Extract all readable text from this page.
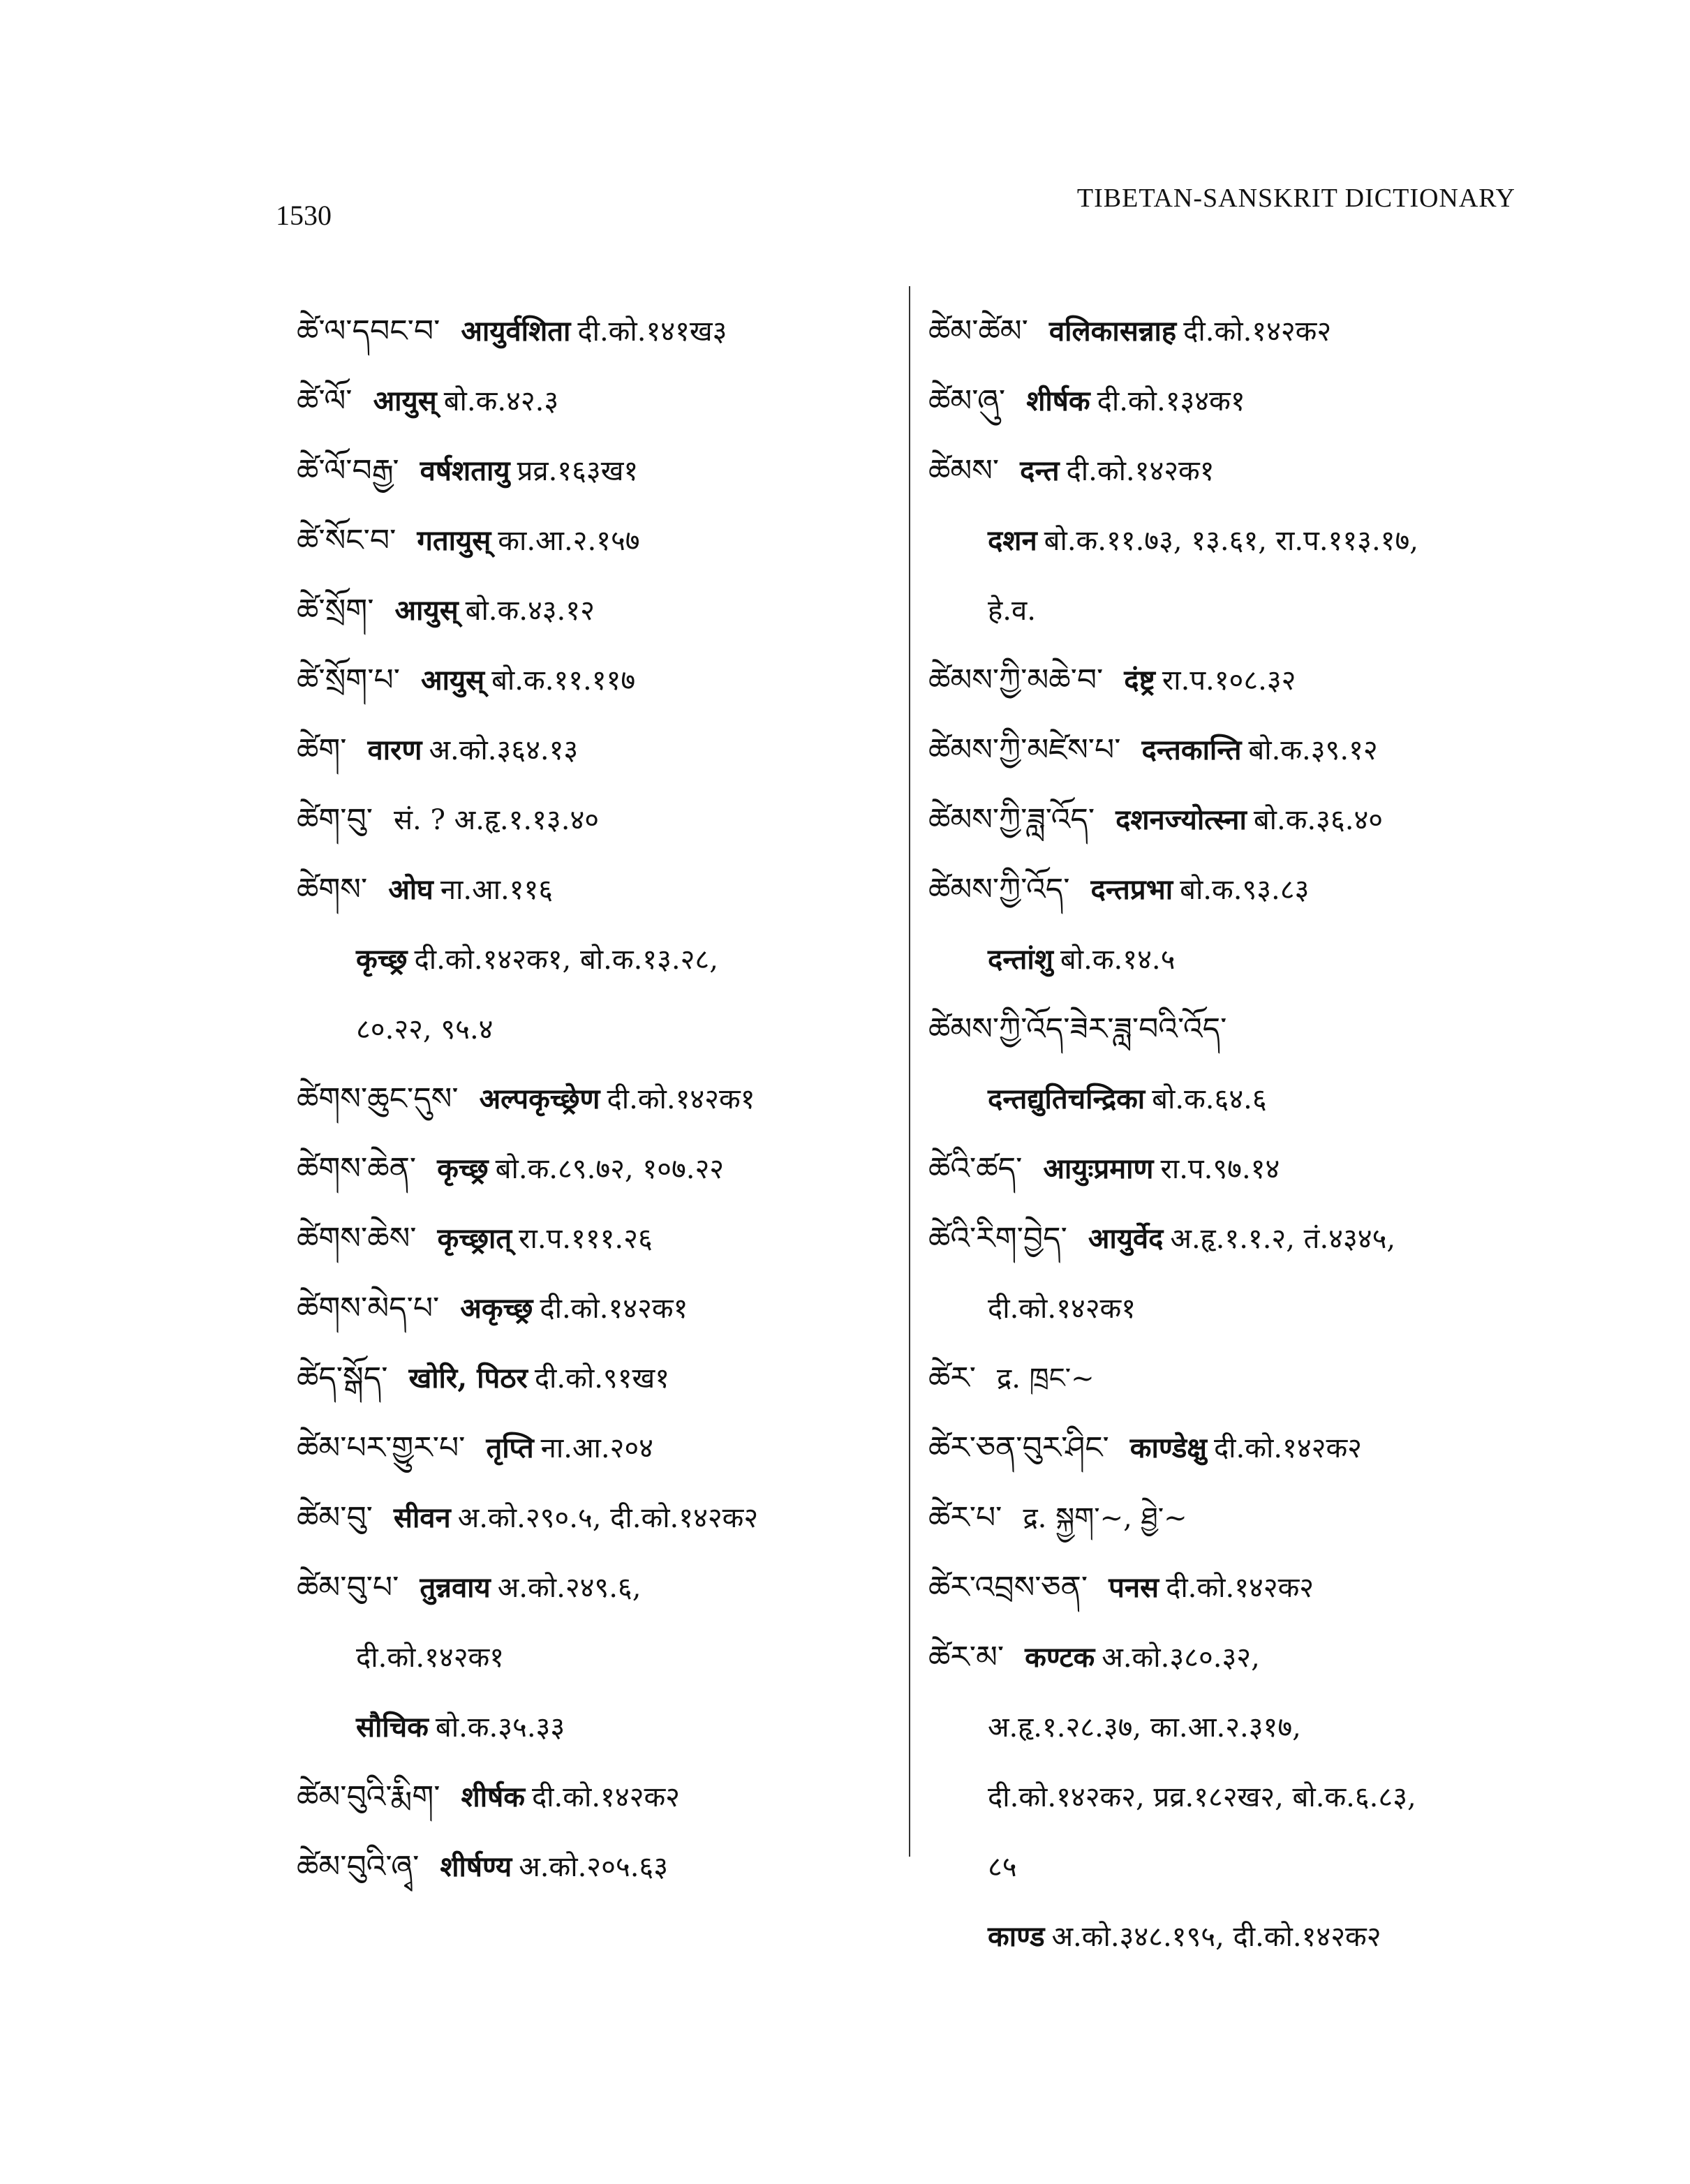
1530
TIBETAN-SANSKRIT DICTIONARY
ཚེ་ལ་དབང་བ་ आयुर्वशिता दी.को.१४१ख३
ཚེ་ལོ་ आयुस् बो.क.४२.३
ཚེ་ལོ་བརྒྱ་ वर्षशतायु प्रव्र.१६३ख१
ཚེ་སོང་བ་ गतायुस् का.आ.२.१५७
ཚེ་སྲོག་ आयुस् बो.क.४३.१२
ཚེ་སྲོག་པ་ आयुस् बो.क.११.११७
ཚེག་ वारण अ.को.३६४.१३
ཚེག་བུ་ सं. ? अ.हृ.१.१३.४०
ཚེགས་ ओघ ना.आ.११६
कृच्छ्र दी.को.१४२क१, बो.क.१३.२८,
८०.२२, ९५.४
ཚེགས་ཆུང་དུས་ अल्पकृच्छ्रेण दी.को.१४२क१
ཚེགས་ཆེན་ कृच्छ्र बो.क.८९.७२, १०७.२२
ཚེགས་ཆེས་ कृच्छ्रात् रा.प.१११.२६
ཚེགས་མེད་པ་ अकृच्छ्र दी.को.१४२क१
ཚེད་སྒོད་ खोरि, पिठर दी.को.९१ख१
ཚེམ་པར་གྱུར་པ་ तृप्ति ना.आ.२०४
ཚེམ་བུ་ सीवन अ.को.२९०.५, दी.को.१४२क२
ཚེམ་བུ་པ་ तुन्नवाय अ.को.२४९.६,
दी.को.१४२क१
सौचिक बो.क.३५.३३
ཚེམ་བུའི་རྨིག་ शीर्षक दी.को.१४२क२
ཚེམ་བུའི་ཞྭ་ शीर्षण्य अ.को.२०५.६३
ཚེམ་ཚེམ་ वलिकासन्नाह दी.को.१४२क२
ཚེམ་ཞུ་ शीर्षक दी.को.१३४क१
ཚེམས་ दन्त दी.को.१४२क१
दशन बो.क.११.७३, १३.६१, रा.प.११३.१७,
हे.व.
ཚེམས་ཀྱི་མཆེ་བ་ दंष्ट्र रा.प.१०८.३२
ཚེམས་ཀྱི་མཛེས་པ་ दन्तकान्ति बो.क.३९.१२
ཚེམས་ཀྱི་ཟླ་འོད་ दशनज्योत्स्ना बो.क.३६.४०
ཚེམས་ཀྱི་འོད་ दन्तप्रभा बो.क.९३.८३
दन्तांशु बो.क.१४.५
ཚེམས་ཀྱི་འོད་ཟེར་ཟླ་བའི་འོད་
दन्तद्युतिचन्द्रिका बो.क.६४.६
ཚེའི་ཚད་ आयुःप्रमाण रा.प.९७.१४
ཚེའི་རིག་བྱེད་ आयुर्वेद अ.हृ.१.१.२, तं.४३४५,
दी.को.१४२क१
ཚེར་ द्र. ཁྲང་~
ཚེར་ཅན་བུར་ཤིང་ काण्डेक्षु दी.को.१४२क२
ཚེར་པ་ द्र. སྐྱག་~, ཐྱེ་~
ཚེར་འབྲས་ཅན་ पनस दी.को.१४२क२
ཚེར་མ་ कण्टक अ.को.३८०.३२,
अ.हृ.१.२८.३७, का.आ.२.३१७,
दी.को.१४२क२, प्रव्र.१८२ख२, बो.क.६.८३,
८५
काण्ड अ.को.३४८.१९५, दी.को.१४२क२
